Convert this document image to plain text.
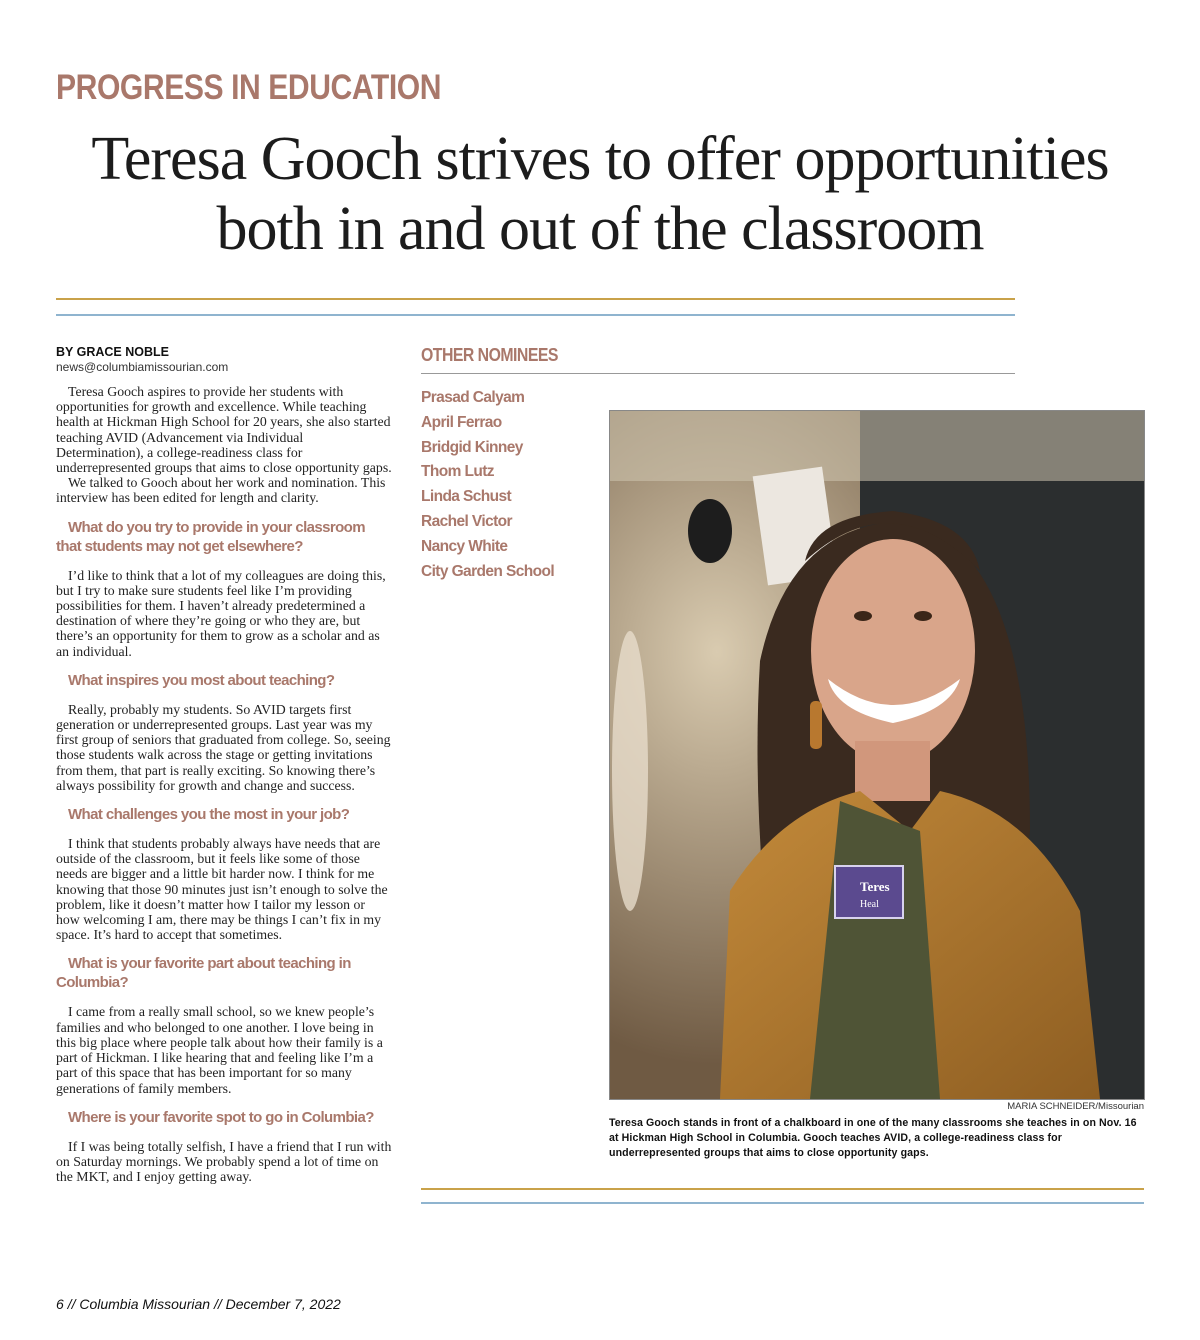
PROGRESS IN EDUCATION
Teresa Gooch strives to offer opportunities
both in and out of the classroom
BY GRACE NOBLE
news@columbiamissourian.com

Teresa Gooch aspires to provide her students with opportunities for growth and excellence. While teaching health at Hickman High School for 20 years, she also started teaching AVID (Advancement via Individual Determination), a college-readiness class for underrepresented groups that aims to close opportunity gaps.

We talked to Gooch about her work and nomination. This interview has been edited for length and clarity.

What do you try to provide in your classroom that students may not get elsewhere?

I’d like to think that a lot of my colleagues are doing this, but I try to make sure students feel like I’m providing possibilities for them. I haven’t already predetermined a destination of where they’re going or who they are, but there’s an opportunity for them to grow as a scholar and as an individual.

What inspires you most about teaching?

Really, probably my students. So AVID targets first generation or underrepresented groups. Last year was my first group of seniors that graduated from college. So, seeing those students walk across the stage or getting invitations from them, that part is really exciting. So knowing there’s always possibility for growth and change and success.

What challenges you the most in your job?

I think that students probably always have needs that are outside of the classroom, but it feels like some of those needs are bigger and a little bit harder now. I think for me knowing that those 90 minutes just isn’t enough to solve the problem, like it doesn’t matter how I tailor my lesson or how welcoming I am, there may be things I can’t fix in my space. It’s hard to accept that sometimes.

What is your favorite part about teaching in Columbia?

I came from a really small school, so we knew people’s families and who belonged to one another. I love being in this big place where people talk about how their family is a part of Hickman. I like hearing that and feeling like I’m a part of this space that has been important for so many generations of family members.

Where is your favorite spot to go in Columbia?

If I was being totally selfish, I have a friend that I run with on Saturday mornings. We probably spend a lot of time on the MKT, and I enjoy getting away.

OTHER NOMINEES
Prasad Calyam
April Ferrao
Bridgid Kinney
Thom Lutz
Linda Schust
Rachel Victor
Nancy White
City Garden School
Teres
Heal
MARIA SCHNEIDER/Missourian
Teresa Gooch stands in front of a chalkboard in one of the many classrooms she teaches in on Nov. 16 at Hickman High School in Columbia. Gooch teaches AVID, a college-readiness class for underrepresented groups that aims to close opportunity gaps.
6 // Columbia Missourian // December 7, 2022
